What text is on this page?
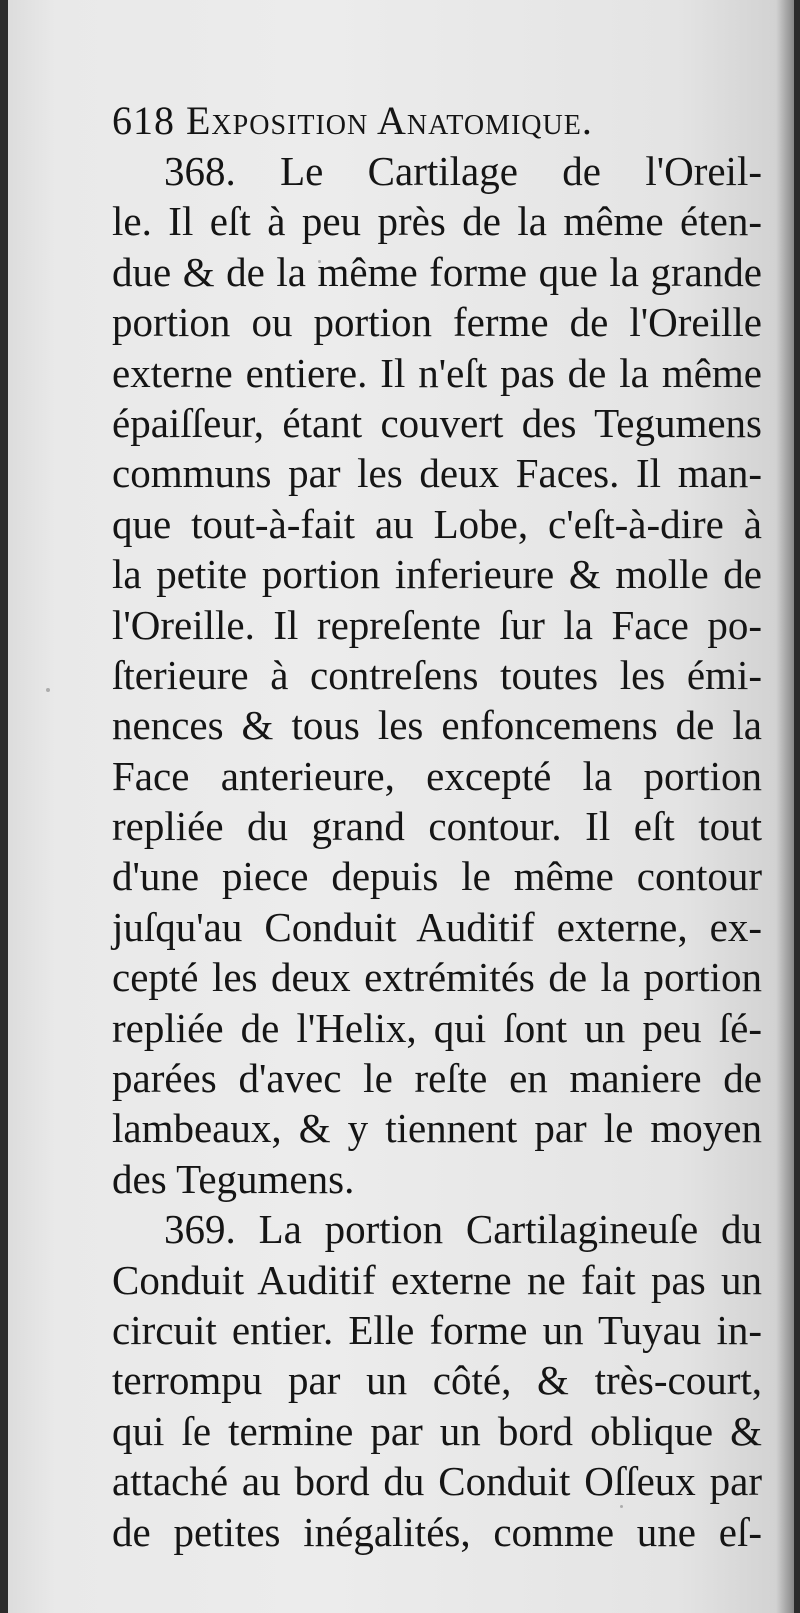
618 Exposition Anatomique.
368. Le Cartilage de l'Oreil-
le. Il eſt à peu près de la même éten-
due & de la même forme que la grande
portion ou portion ferme de l'Oreille
externe entiere. Il n'eſt pas de la même
épaiſſeur, étant couvert des Tegumens
communs par les deux Faces. Il man-
que tout-à-fait au Lobe, c'eſt-à-dire à
la petite portion inferieure & molle de
l'Oreille. Il repreſente ſur la Face po-
ſterieure à contreſens toutes les émi-
nences & tous les enfoncemens de la
Face anterieure, excepté la portion
repliée du grand contour. Il eſt tout
d'une piece depuis le même contour
juſqu'au Conduit Auditif externe, ex-
cepté les deux extrémités de la portion
repliée de l'Helix, qui ſont un peu ſé-
parées d'avec le reſte en maniere de
lambeaux, & y tiennent par le moyen
des Tegumens.
369. La portion Cartilagineuſe du
Conduit Auditif externe ne fait pas un
circuit entier. Elle forme un Tuyau in-
terrompu par un côté, & très-court,
qui ſe termine par un bord oblique &
attaché au bord du Conduit Oſſeux par
de petites inégalités, comme une eſ-
